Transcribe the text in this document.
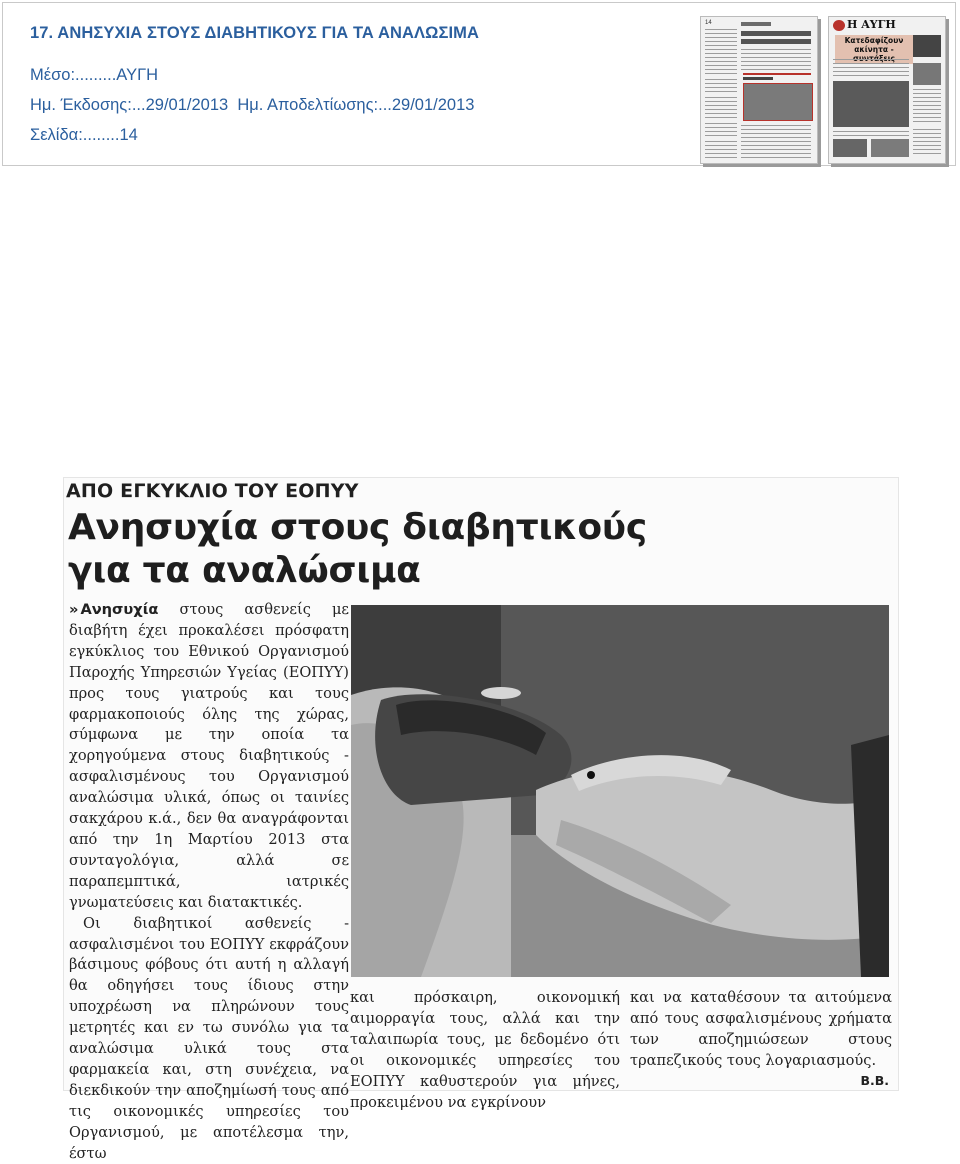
17. ΑΝΗΣΥΧΙΑ ΣΤΟΥΣ ΔΙΑΒΗΤΙΚΟΥΣ ΓΙΑ ΤΑ ΑΝΑΛΩΣΙΜΑ
Μέσο:.........ΑΥΓΗ
Ημ. Έκδοσης:...29/01/2013  Ημ. Αποδελτίωσης:...29/01/2013
Σελίδα:........14
14	Η ΑΥΓΗ
Κατεδαφίζουν
ακίνητα -
ΑΠΟ ΕΓΚΥΚΛΙΟ ΤΟΥ ΕΟΠΥΥ
Ανησυχία στους διαβητικούς
για τα αναλώσιμα

» Ανησυχία στους ασθενείς με διαβήτη έχει προκαλέσει πρόσφατη εγκύκλιος του Εθνικού Οργανισμού Παροχής Υπηρεσιών Υγείας (ΕΟΠΥΥ) προς τους γιατρούς και τους φαρμακοποιούς όλης της χώρας, σύμφωνα με την οποία τα χορηγούμενα στους διαβητικούς - ασφαλισμένους του Οργανισμού αναλώσιμα υλικά, όπως οι ταινίες σακχάρου κ.ά., δεν θα αναγράφονται από την 1η Μαρτίου 2013 στα συνταγολόγια, αλλά σε παραπεμπτικά, ιατρικές γνωματεύσεις και διατακτικές.

Οι διαβητικοί ασθενείς - ασφαλισμένοι του ΕΟΠΥΥ εκφράζουν βάσιμους φόβους ότι αυτή η αλλαγή θα οδηγήσει τους ίδιους στην υποχρέωση να πληρώνουν τους μετρητές και εν τω συνόλω για τα αναλώσιμα υλικά τους στα φαρμακεία και, στη συνέχεια, να διεκδικούν την αποζημίωσή τους από τις οικονομικές υπηρεσίες του Οργανισμού, με αποτέλεσμα την, έστω

και πρόσκαιρη, οικονομική αιμορραγία τους, αλλά και την ταλαιπωρία τους, με δεδομένο ότι οι οικονομικές υπηρεσίες του ΕΟΠΥΥ καθυστερούν για μήνες, προκειμένου να εγκρίνουν
και να καταθέσουν τα αιτούμενα από τους ασφαλισμένους χρήματα των αποζημιώσεων στους τραπεζικούς τους λογαριασμούς.
Β.Β.
